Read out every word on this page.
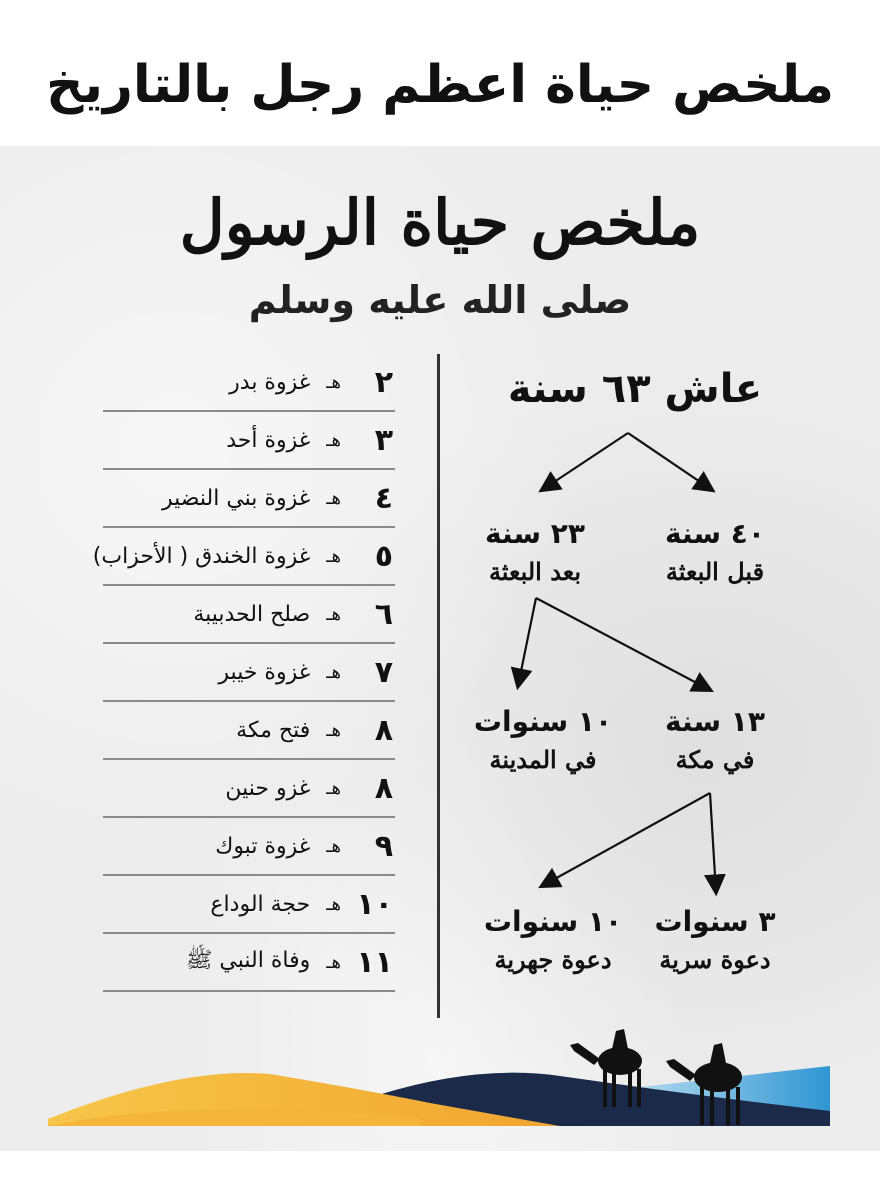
ملخص حياة اعظم رجل بالتاريخ
ملخص حياة الرسول
صلى الله عليه وسلم
٢
هـ
غزوة بدر
٣
هـ
غزوة أحد
٤
هـ
غزوة بني النضير
٥
هـ
غزوة الخندق ( الأحزاب)
٦
هـ
صلح الحدبيبة
٧
هـ
غزوة خيبر
٨
هـ
فتح مكة
٨
هـ
غزو حنين
٩
هـ
غزوة تبوك
١٠
هـ
حجة الوداع
١١
هـ
وفاة النبي ﷺ
عاش ٦٣ سنة
٤٠ سنة
قبل البعثة
٢٣ سنة
بعد البعثة
١٣ سنة
في مكة
١٠ سنوات
في المدينة
٣ سنوات
دعوة سرية
١٠ سنوات
دعوة جهرية
